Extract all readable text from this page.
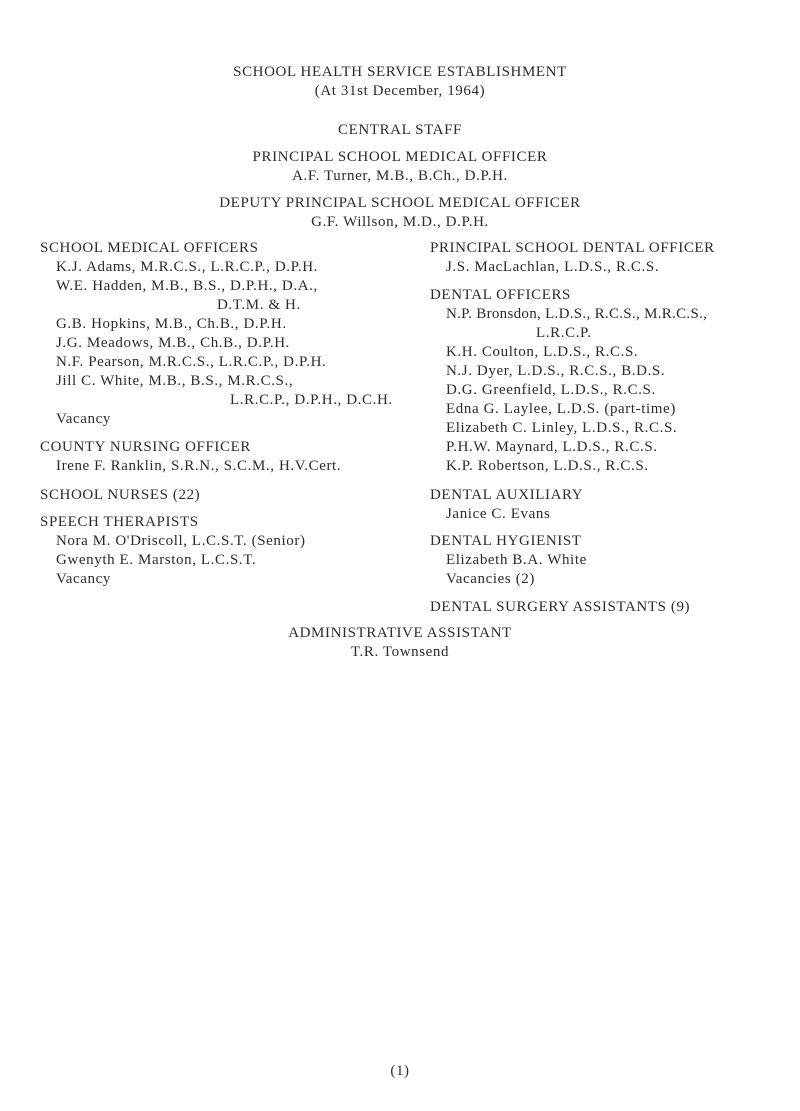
SCHOOL HEALTH SERVICE ESTABLISHMENT
(At 31st December, 1964)
CENTRAL STAFF
PRINCIPAL SCHOOL MEDICAL OFFICER
A.F. Turner, M.B., B.Ch., D.P.H.
DEPUTY PRINCIPAL SCHOOL MEDICAL OFFICER
G.F. Willson, M.D., D.P.H.
SCHOOL MEDICAL OFFICERS
K.J. Adams, M.R.C.S., L.R.C.P., D.P.H.
W.E. Hadden, M.B., B.S., D.P.H., D.A.,
D.T.M. & H.
G.B. Hopkins, M.B., Ch.B., D.P.H.
J.G. Meadows, M.B., Ch.B., D.P.H.
N.F. Pearson, M.R.C.S., L.R.C.P., D.P.H.
Jill C. White, M.B., B.S., M.R.C.S.,
L.R.C.P., D.P.H., D.C.H.
Vacancy
COUNTY NURSING OFFICER
Irene F. Ranklin, S.R.N., S.C.M., H.V.Cert.
SCHOOL NURSES (22)
SPEECH THERAPISTS
Nora M. O'Driscoll, L.C.S.T. (Senior)
Gwenyth E. Marston, L.C.S.T.
Vacancy
PRINCIPAL SCHOOL DENTAL OFFICER
J.S. MacLachlan, L.D.S., R.C.S.
DENTAL OFFICERS
N.P. Bronsdon, L.D.S., R.C.S., M.R.C.S.,
L.R.C.P.
K.H. Coulton, L.D.S., R.C.S.
N.J. Dyer, L.D.S., R.C.S., B.D.S.
D.G. Greenfield, L.D.S., R.C.S.
Edna G. Laylee, L.D.S. (part-time)
Elizabeth C. Linley, L.D.S., R.C.S.
P.H.W. Maynard, L.D.S., R.C.S.
K.P. Robertson, L.D.S., R.C.S.
DENTAL AUXILIARY
Janice C. Evans
DENTAL HYGIENIST
Elizabeth B.A. White
Vacancies (2)
DENTAL SURGERY ASSISTANTS (9)
ADMINISTRATIVE ASSISTANT
T.R. Townsend
(1)
